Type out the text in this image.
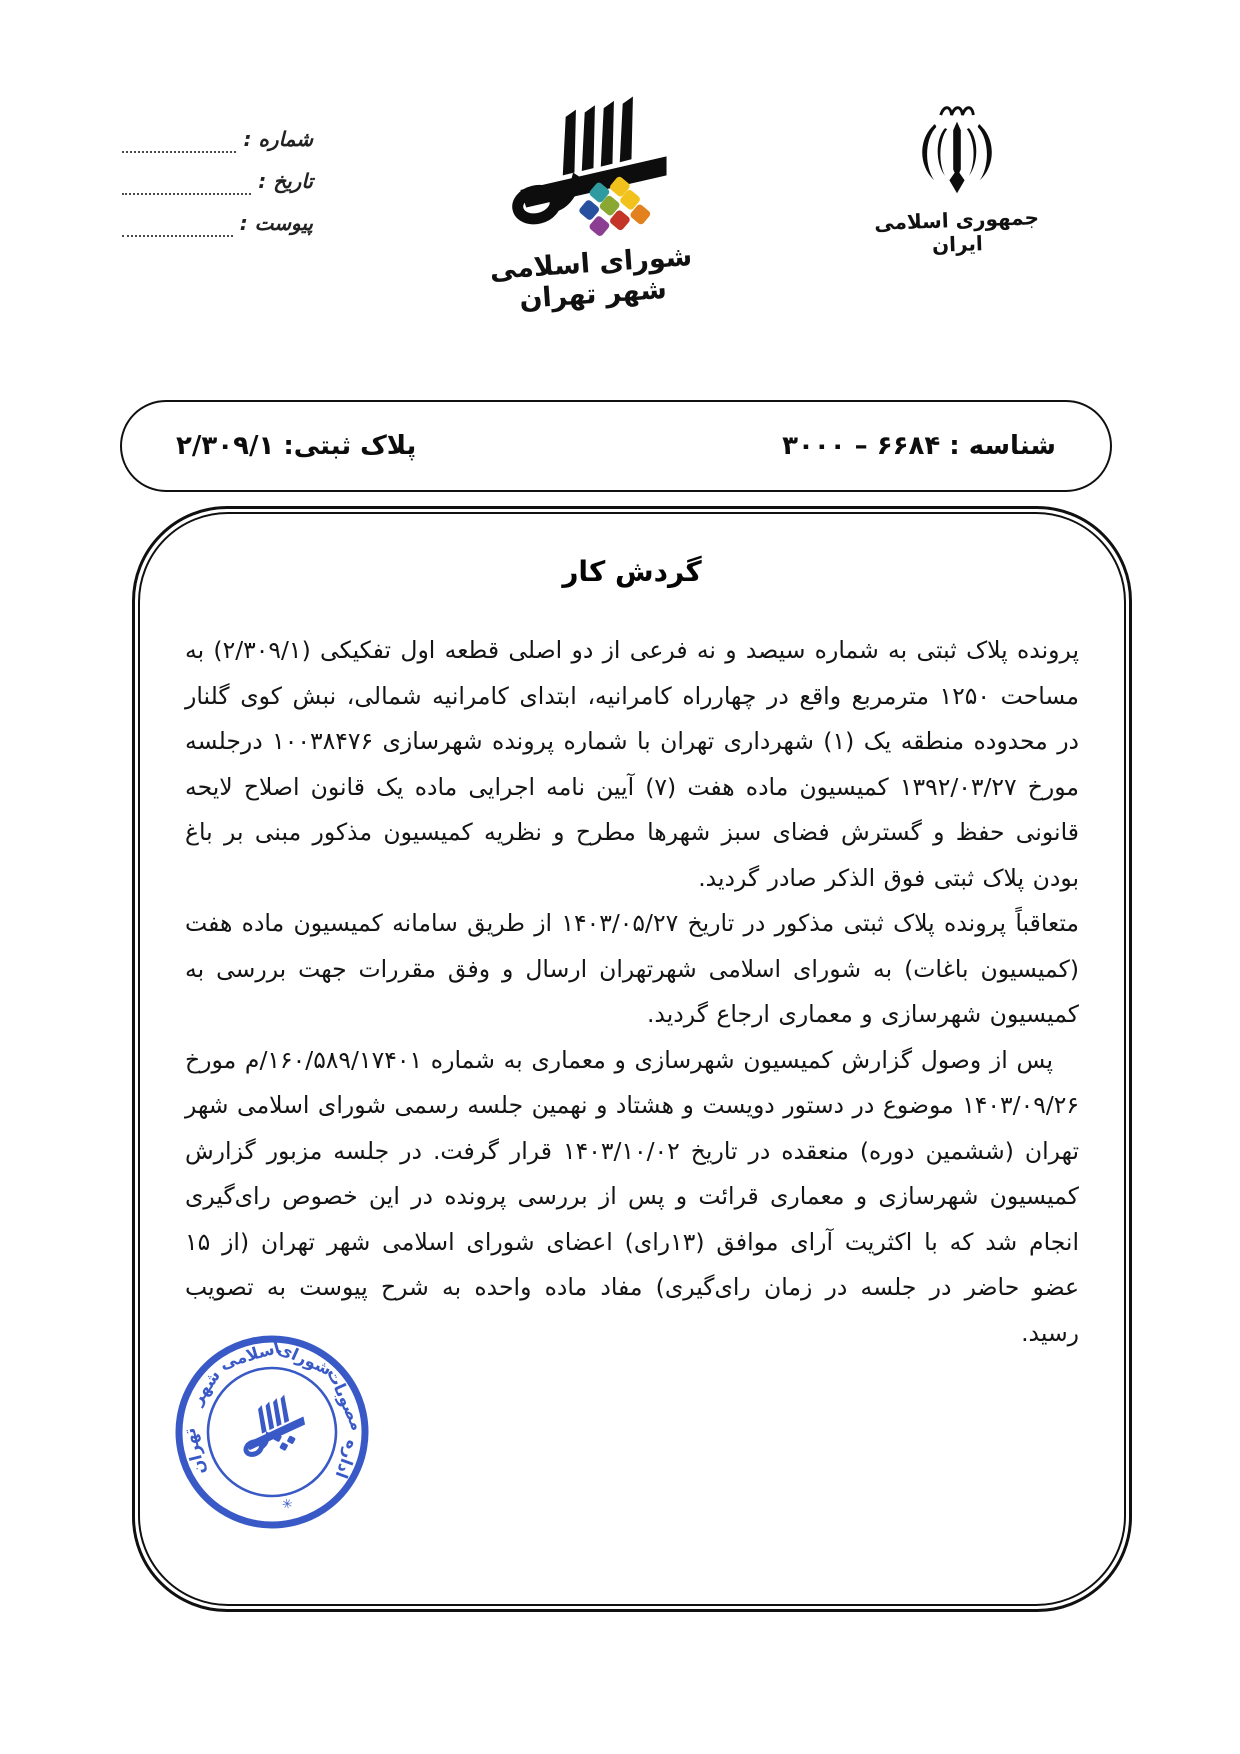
شماره :
تاریخ :
پیوست :
شورای اسلامی شهر تهران
جمهوری اسلامی ایران
شناسه : ۶۶۸۴ – ۳۰۰۰
پلاک ثبتی: ۲/۳۰۹/۱
گردش کار

پرونده پلاک ثبتی به شماره سیصد و نه فرعی از دو اصلی قطعه اول تفکیکی (۲/۳۰۹/۱) به مساحت ۱۲۵۰ مترمربع واقع در چهارراه کامرانیه، ابتدای کامرانیه شمالی، نبش کوی گلنار در محدوده منطقه یک (۱) شهرداری تهران با شماره پرونده شهرسازی ۱۰۰۳۸۴۷۶ درجلسه مورخ ۱۳۹۲/۰۳/۲۷ کمیسیون ماده هفت (۷) آیین نامه اجرایی ماده یک قانون اصلاح لایحه قانونی حفظ و گسترش فضای سبز شهرها مطرح و نظریه کمیسیون مذکور مبنی بر باغ بودن پلاک ثبتی فوق الذکر صادر گردید.

متعاقباً پرونده پلاک ثبتی مذکور در تاریخ ۱۴۰۳/۰۵/۲۷ از طریق سامانه کمیسیون ماده هفت (کمیسیون باغات) به شورای اسلامی شهرتهران ارسال و وفق مقررات جهت بررسی به کمیسیون شهرسازی و معماری ارجاع گردید.

پس از وصول گزارش کمیسیون شهرسازی و معماری به شماره ۱۶۰/۵۸۹/۱۷۴۰۱/م مورخ ۱۴۰۳/۰۹/۲۶ موضوع در دستور دویست و هشتاد و نهمین جلسه رسمی شورای اسلامی شهر تهران (ششمین دوره) منعقده در تاریخ ۱۴۰۳/۱۰/۰۲ قرار گرفت. در جلسه مزبور گزارش کمیسیون شهرسازی و معماری قرائت و پس از بررسی پرونده در این خصوص رای‌گیری انجام شد که با اکثریت آرای موافق (۱۳رای) اعضای شورای اسلامی شهر تهران (از ۱۵ عضو حاضر در جلسه در زمان رای‌گیری) مفاد ماده واحده به شرح پیوست به تصویب رسید.

اداره
مصوبات
شورای
اسلامی
شهر
تهران
✳
